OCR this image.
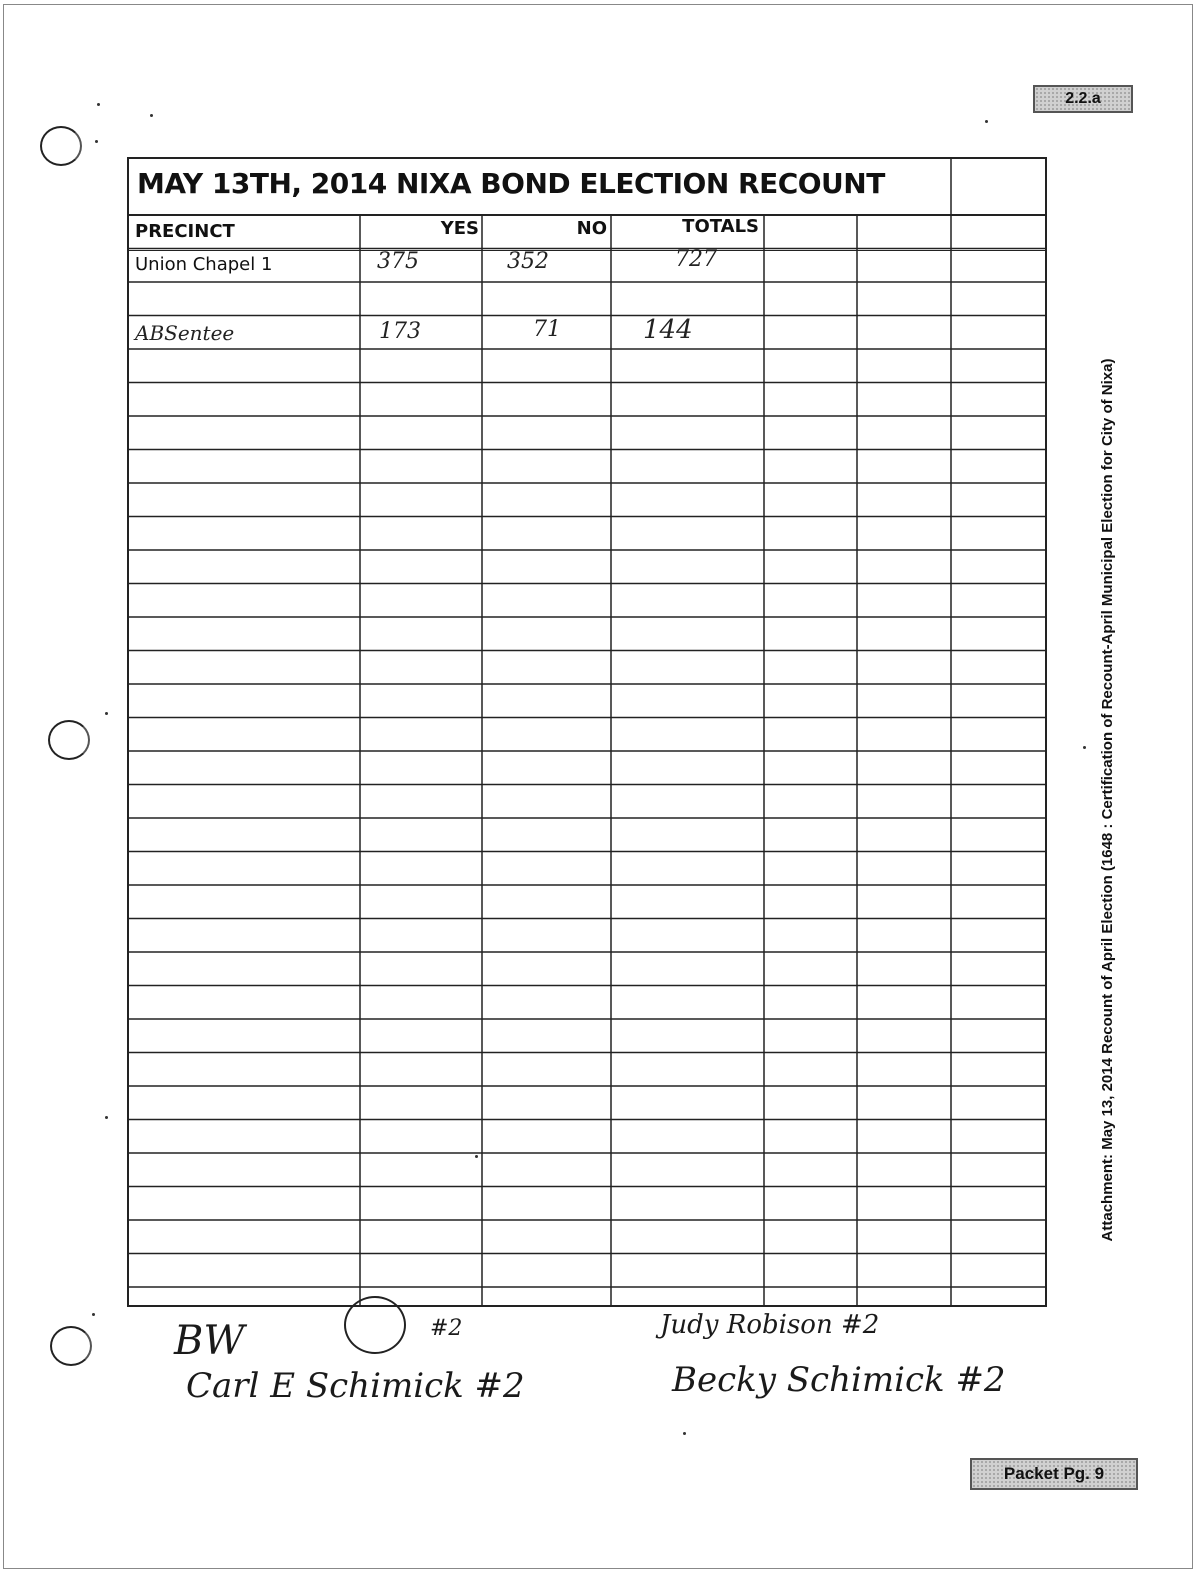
2.2.a
Attachment: May 13, 2014 Recount of April Election (1648 : Certification of Recount-April Municipal Election for City of Nixa)
MAY 13TH, 2014 NIXA BOND ELECTION RECOUNT
PRECINCT	YES	NO	TOTALS
Union Chapel 1	375	352	727
ABSentee	173	71	144
BW	#2
Carl E Schimick #2
Judy Robison #2
Becky Schimick #2
Packet Pg. 9
